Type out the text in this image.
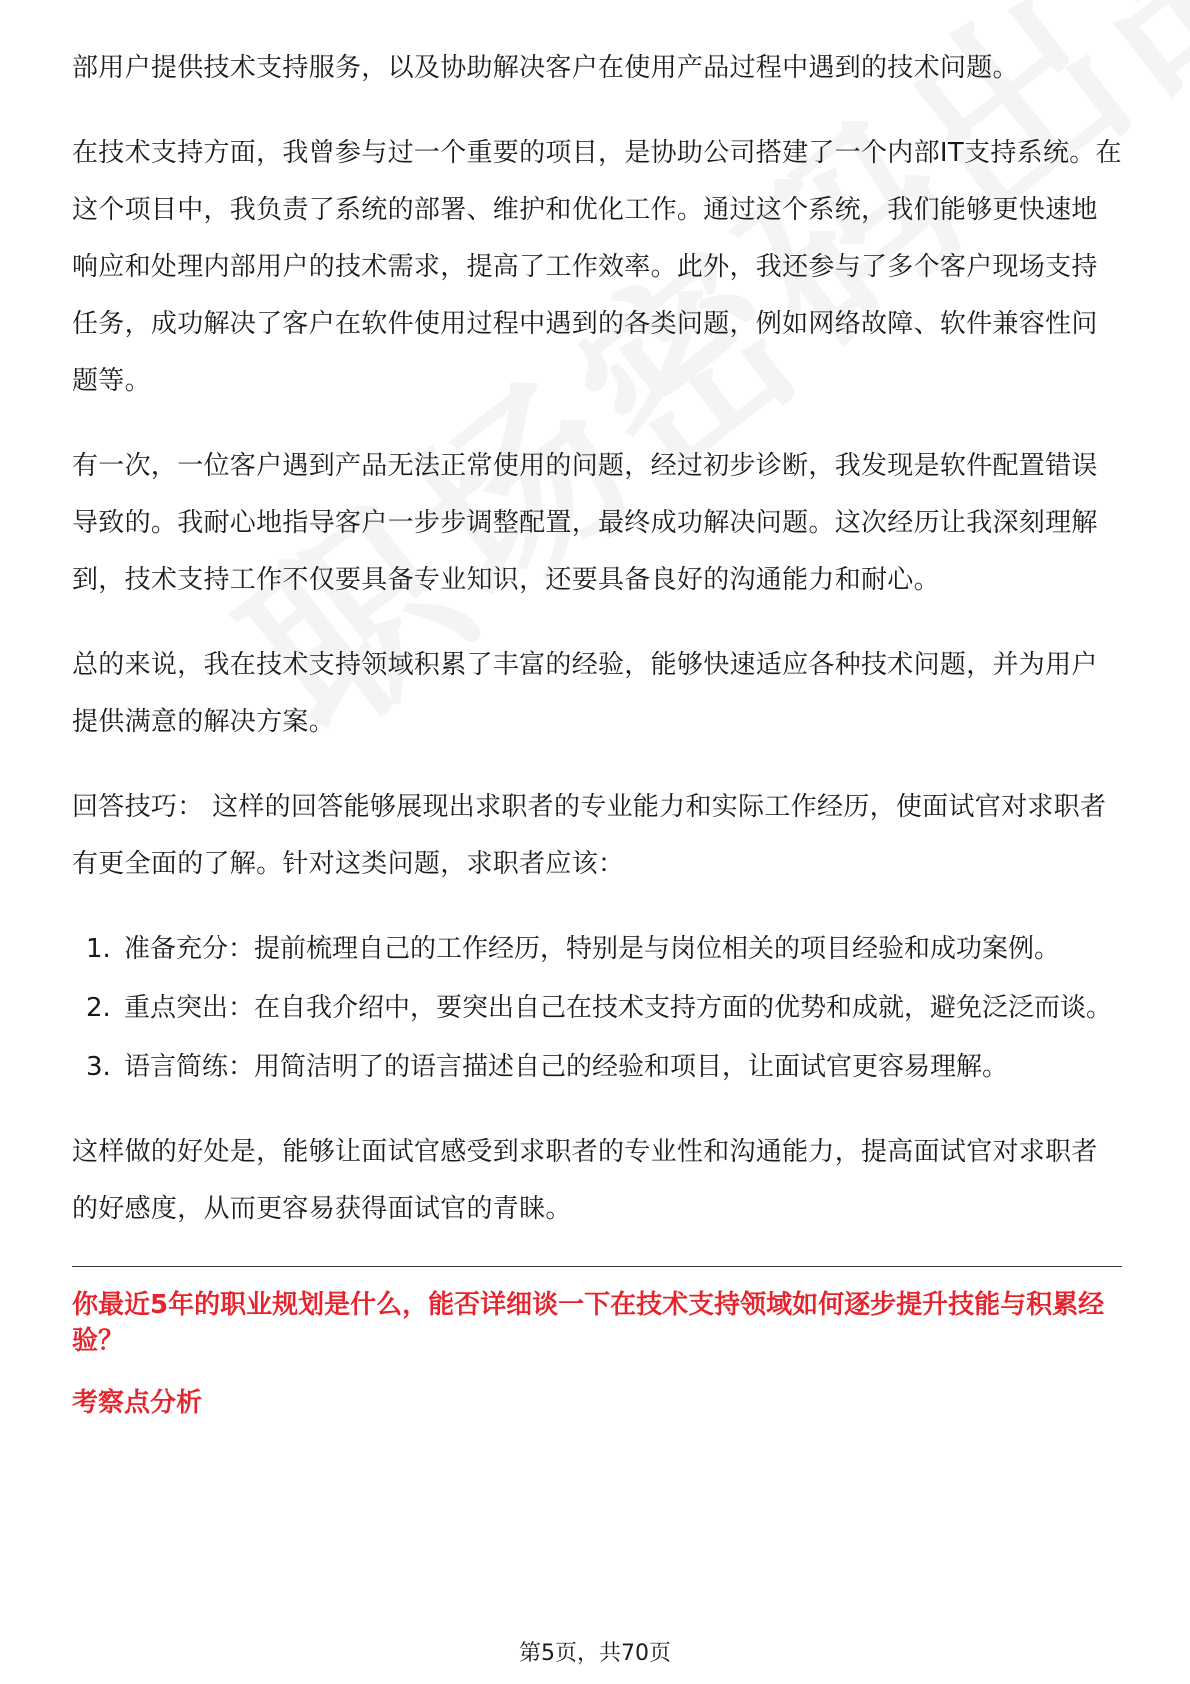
部用户提供技术支持服务，以及协助解决客户在使用产品过程中遇到的技术问题。

在技术支持方面，我曾参与过一个重要的项目，是协助公司搭建了一个内部IT支持系统。在这个项目中，我负责了系统的部署、维护和优化工作。通过这个系统，我们能够更快速地响应和处理内部用户的技术需求，提高了工作效率。此外，我还参与了多个客户现场支持任务，成功解决了客户在软件使用过程中遇到的各类问题，例如网络故障、软件兼容性问题等。

有一次，一位客户遇到产品无法正常使用的问题，经过初步诊断，我发现是软件配置错误导致的。我耐心地指导客户一步步调整配置，最终成功解决问题。这次经历让我深刻理解到，技术支持工作不仅要具备专业知识，还要具备良好的沟通能力和耐心。

总的来说，我在技术支持领域积累了丰富的经验，能够快速适应各种技术问题，并为用户提供满意的解决方案。

回答技巧： 这样的回答能够展现出求职者的专业能力和实际工作经历，使面试官对求职者有更全面的了解。针对这类问题，求职者应该：

1. 准备充分：提前梳理自己的工作经历，特别是与岗位相关的项目经验和成功案例。
2. 重点突出：在自我介绍中，要突出自己在技术支持方面的优势和成就，避免泛泛而谈。
3. 语言简练：用简洁明了的语言描述自己的经验和项目，让面试官更容易理解。

这样做的好处是，能够让面试官感受到求职者的专业性和沟通能力，提高面试官对求职者的好感度，从而更容易获得面试官的青睐。

你最近5年的职业规划是什么，能否详细谈一下在技术支持领域如何逐步提升技能与积累经验？
考察点分析
第5页，共70页
